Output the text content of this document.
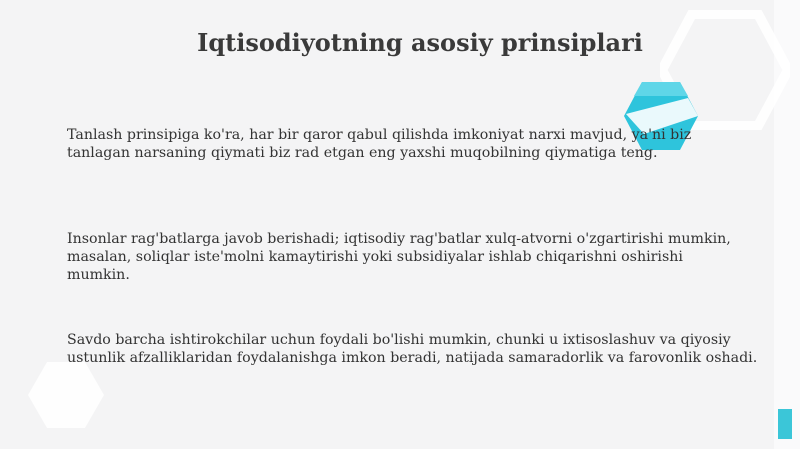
Iqtisodiyotning asosiy prinsiplari

Tanlash prinsipiga ko'ra, har bir qaror qabul qilishda imkoniyat narxi mavjud, ya'ni biz
tanlagan narsaning qiymati biz rad etgan eng yaxshi muqobilning qiymatiga teng.

Insonlar rag'batlarga javob berishadi; iqtisodiy rag'batlar xulq-atvorni o'zgartirishi mumkin,
masalan, soliqlar iste'molni kamaytirishi yoki subsidiyalar ishlab chiqarishni oshirishi
mumkin.

Savdo barcha ishtirokchilar uchun foydali bo'lishi mumkin, chunki u ixtisoslashuv va qiyosiy
ustunlik afzalliklaridan foydalanishga imkon beradi, natijada samaradorlik va farovonlik oshadi.
